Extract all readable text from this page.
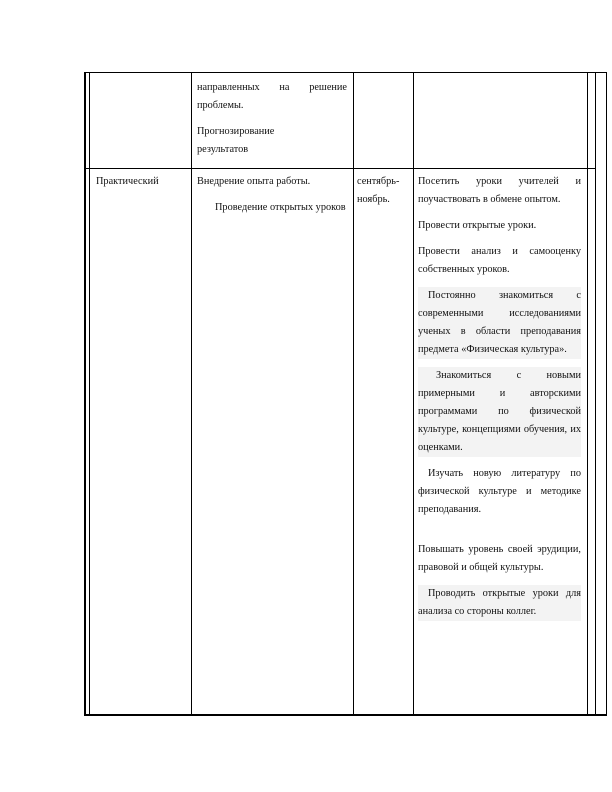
направленных на решение проблемы.

Прогнозирование результатов

Практический	Внедрение опыта работы.

Проведение открытых уроков

сентябрь-ноябрь.

Посетить уроки учителей и поучаствовать в обмене опытом.

Провести открытые уроки.

Провести анализ и самооценку собственных уроков.

Постоянно знакомиться с современными исследованиями ученых в области преподавания предмета «Физическая культура».

Знакомиться с новыми примерными и авторскими программами по физической культуре, концепциями обучения, их оценками.

Изучать новую литературу по физической культуре и методике преподавания.

Повышать уровень своей эрудиции, правовой и общей культуры.

Проводить открытые уроки для анализа со стороны коллег.
